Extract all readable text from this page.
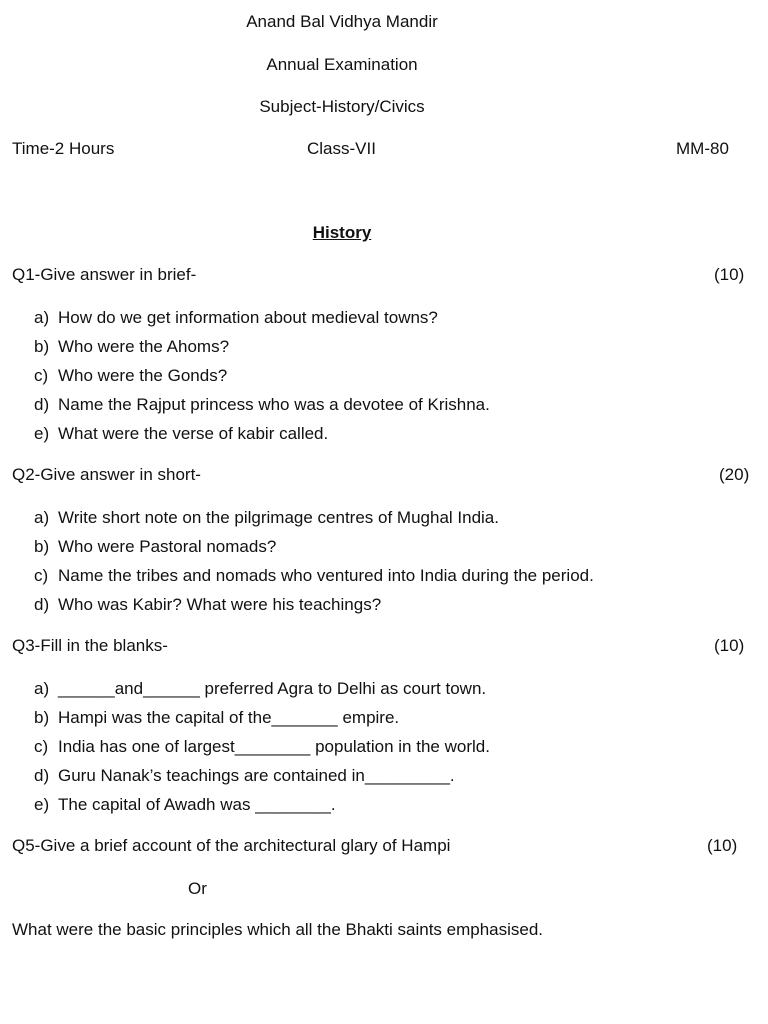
Anand Bal Vidhya Mandir
Annual Examination
Subject-History/Civics
Time-2 Hours	Class-VII	MM-80
History
Q1-Give answer in brief-	(10)
a) How do we get information about medieval towns?
b) Who were the Ahoms?
c) Who were the Gonds?
d) Name the Rajput princess who was a devotee of Krishna.
e) What were the verse of kabir called.
Q2-Give answer in short-	(20)
a) Write short note on the pilgrimage centres of Mughal India.
b) Who were Pastoral nomads?
c) Name the tribes and nomads who ventured into India during the period.
d) Who was Kabir? What were his teachings?
Q3-Fill in the blanks-	(10)
a) ______and______ preferred Agra to Delhi as court town.
b) Hampi was the capital of the_______ empire.
c) India has one of largest________ population in the world.
d) Guru Nanak’s teachings are contained in_________.
e) The capital of Awadh was ________.
Q5-Give a brief account of the architectural glary of Hampi	(10)
Or
What were the basic principles which all the Bhakti saints emphasised.
